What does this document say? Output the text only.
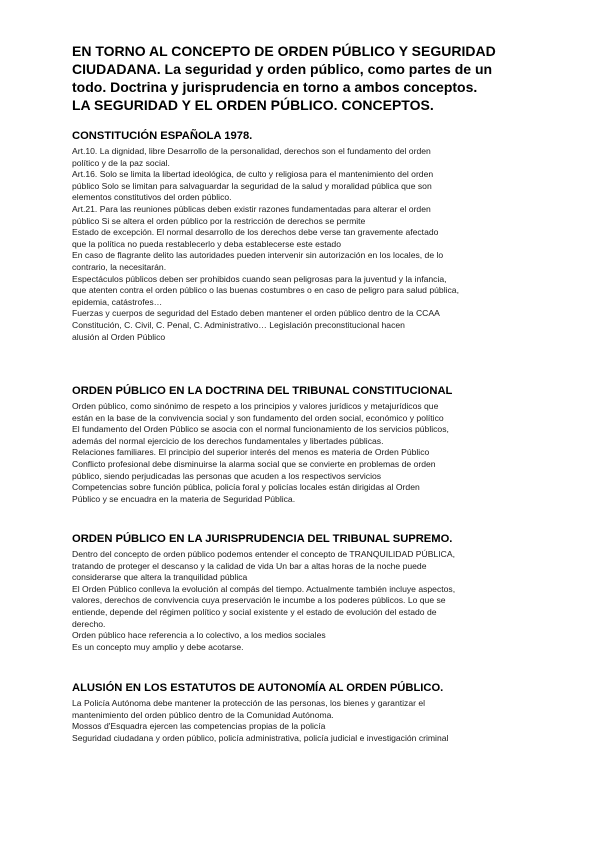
EN TORNO AL CONCEPTO DE ORDEN PÚBLICO Y SEGURIDAD
CIUDADANA. La seguridad y orden público, como partes de un
todo. Doctrina y jurisprudencia en torno a ambos conceptos.
LA SEGURIDAD Y EL ORDEN PÚBLICO. CONCEPTOS.
CONSTITUCIÓN ESPAÑOLA 1978.
Art.10. La dignidad, libre Desarrollo de la personalidad, derechos son el fundamento del orden
político y de la paz social.
Art.16. Solo se limita la libertad ideológica, de culto y religiosa para el mantenimiento del orden
público Solo se limitan para salvaguardar la seguridad de la salud y moralidad pública que son
elementos constitutivos del orden público.
Art.21. Para las reuniones públicas deben existir razones fundamentadas para alterar el orden
público Si se altera el orden público por la restricción de derechos se permite
Estado de excepción. El normal desarrollo de los derechos debe verse tan gravemente afectado
que la política no pueda restablecerlo y deba establecerse este estado
En caso de flagrante delito las autoridades pueden intervenir sin autorización en los locales, de lo
contrario, la necesitarán.
Espectáculos públicos deben ser prohibidos cuando sean peligrosas para la juventud y la infancia,
que atenten contra el orden público o las buenas costumbres o en caso de peligro para salud pública,
epidemia, catástrofes…
Fuerzas y cuerpos de seguridad del Estado deben mantener el orden público dentro de la CCAA
Constitución, C. Civil, C. Penal, C. Administrativo… Legislación preconstitucional hacen
alusión al Orden Público
ORDEN PÚBLICO EN LA DOCTRINA DEL TRIBUNAL CONSTITUCIONAL
Orden público, como sinónimo de respeto a los principios y valores jurídicos y metajurídicos que
están en la base de la convivencia social y son fundamento del orden social, económico y político
El fundamento del Orden Público se asocia con el normal funcionamiento de los servicios públicos,
además del normal ejercicio de los derechos fundamentales y libertades públicas.
Relaciones familiares. El principio del superior interés del menos es materia de Orden Público
Conflicto profesional debe disminuirse la alarma social que se convierte en problemas de orden
público, siendo perjudicadas las personas que acuden a los respectivos servicios
Competencias sobre función pública, policía foral y policías locales están dirigidas al Orden
Público y se encuadra en la materia de Seguridad Pública.
ORDEN PÚBLICO EN LA JURISPRUDENCIA DEL TRIBUNAL SUPREMO.
Dentro del concepto de orden público podemos entender el concepto de TRANQUILIDAD PÚBLICA,
tratando de proteger el descanso y la calidad de vida Un bar a altas horas de la noche puede
considerarse que altera la tranquilidad pública
El Orden Público conlleva la evolución al compás del tiempo. Actualmente también incluye aspectos,
valores, derechos de convivencia cuya preservación le incumbe a los poderes públicos. Lo que se
entiende, depende del régimen político y social existente y el estado de evolución del estado de
derecho.
Orden público hace referencia a lo colectivo, a los medios sociales
Es un concepto muy amplio y debe acotarse.
ALUSIÓN EN LOS ESTATUTOS DE AUTONOMÍA AL ORDEN PÚBLICO.
La Policía Autónoma debe mantener la protección de las personas, los bienes y garantizar el
mantenimiento del orden público dentro de la Comunidad Autónoma.
Mossos d'Esquadra ejercen las competencias propias de la policía
Seguridad ciudadana y orden público, policía administrativa, policía judicial e investigación criminal
